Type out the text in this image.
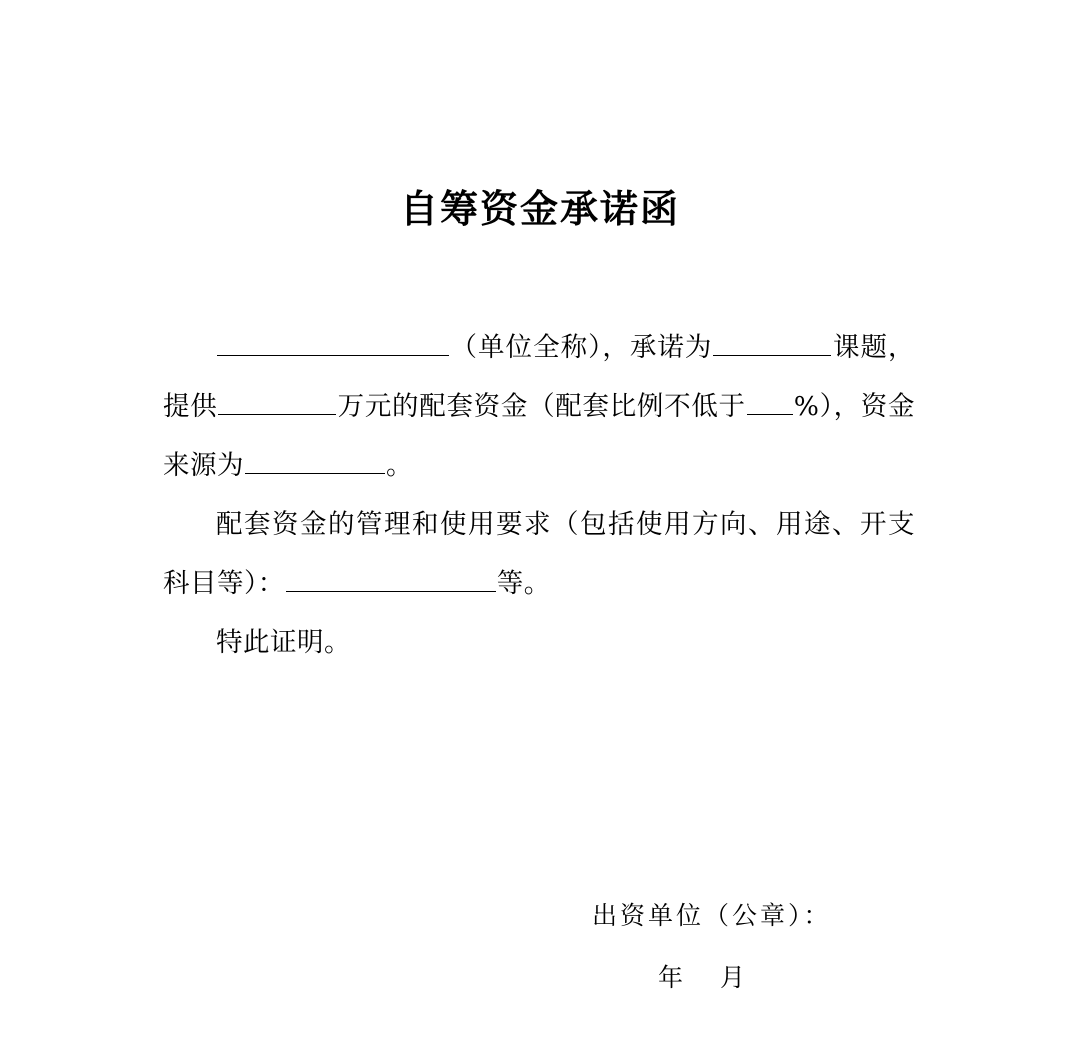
自筹资金承诺函

（单位全称），承诺为	课题，提供	万元的配套资金（配套比例不低于 %），资金来源为	。

配套资金的管理和使用要求（包括使用方向、用途、开支科目等）：	等。

特此证明。

出资单位（公章）：
年 月
